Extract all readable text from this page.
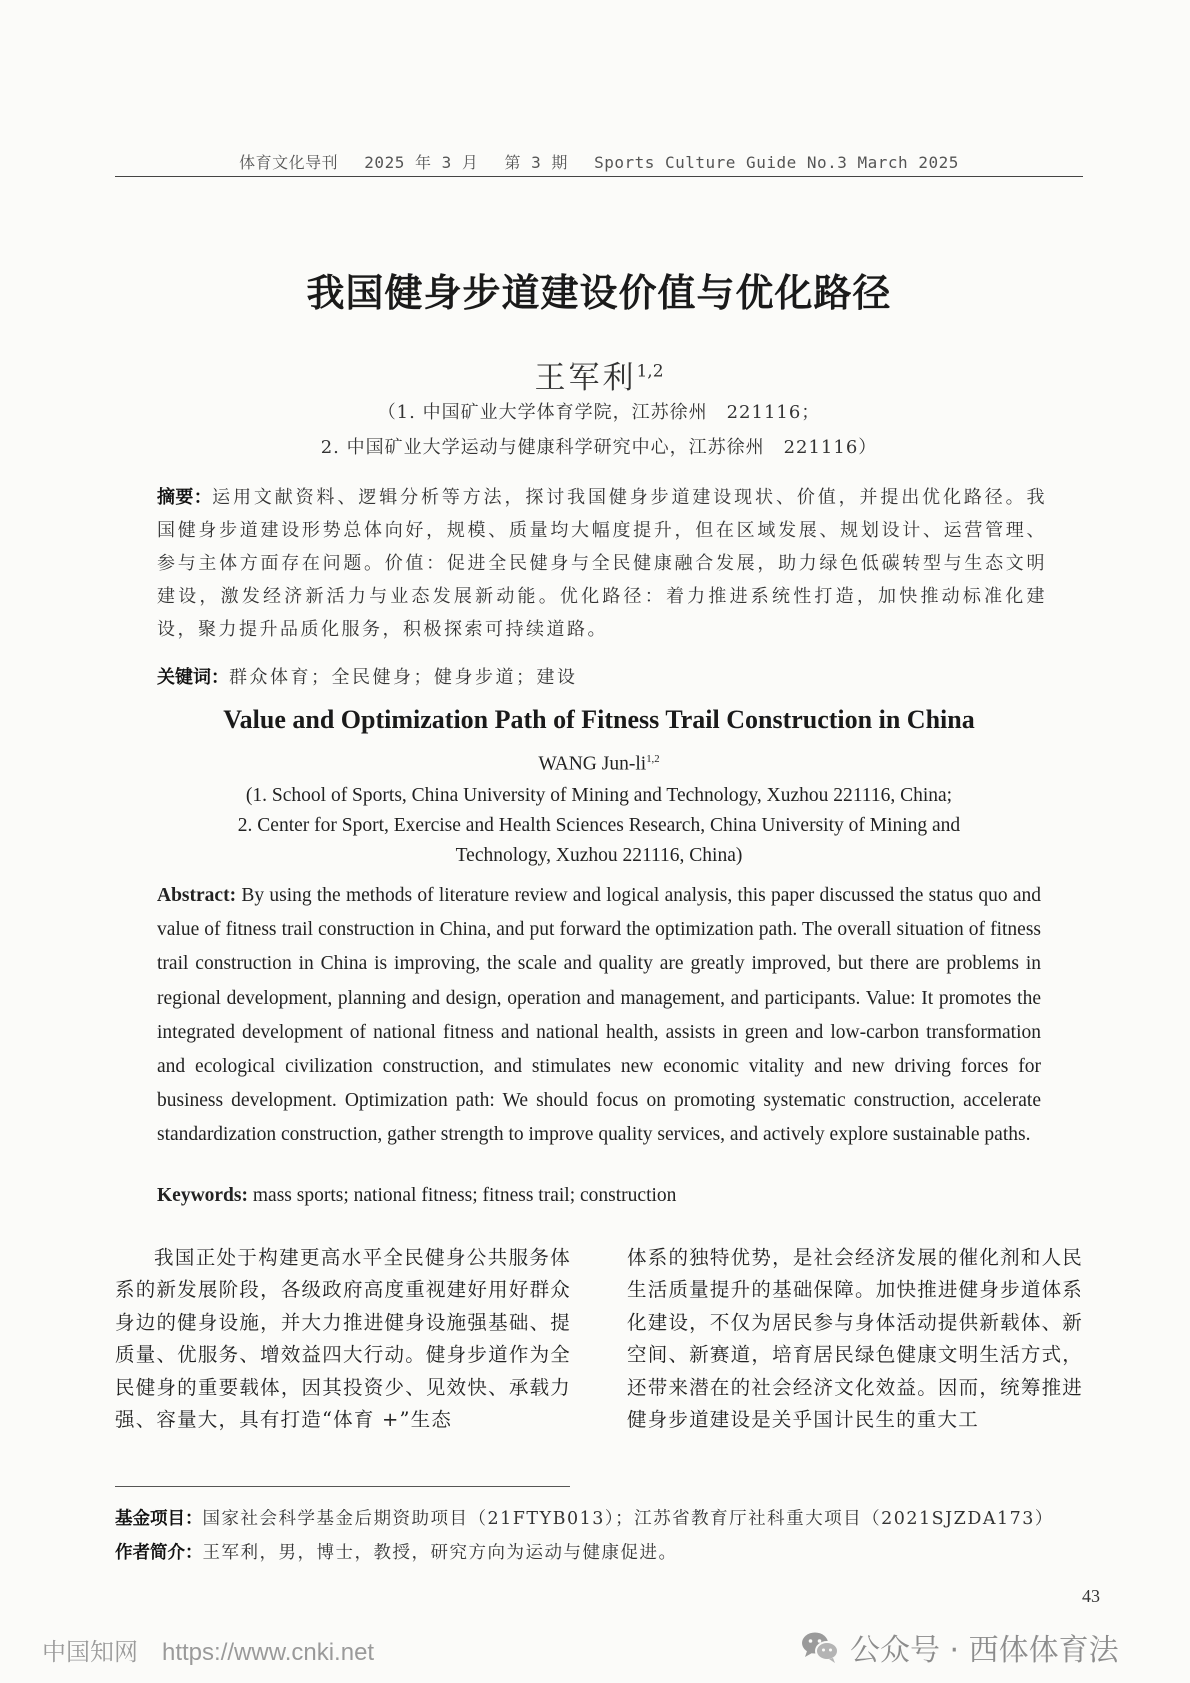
体育文化导刊 2025 年 3 月 第 3 期 Sports Culture Guide No.3 March 2025
我国健身步道建设价值与优化路径
王军利$^{1,2}$
（1. 中国矿业大学体育学院，江苏徐州　221116；
2. 中国矿业大学运动与健康科学研究中心，江苏徐州　221116）
摘要：运用文献资料、逻辑分析等方法，探讨我国健身步道建设现状、价值，并提出优化路径。我国健身步道建设形势总体向好，规模、质量均大幅度提升，但在区域发展、规划设计、运营管理、参与主体方面存在问题。价值：促进全民健身与全民健康融合发展，助力绿色低碳转型与生态文明建设，激发经济新活力与业态发展新动能。优化路径：着力推进系统性打造，加快推动标准化建设，聚力提升品质化服务，积极探索可持续道路。
关键词：群众体育；全民健身；健身步道；建设
Value and Optimization Path of Fitness Trail Construction in China
WANG Jun-li$^{1,2}$
(1. School of Sports, China University of Mining and Technology, Xuzhou 221116, China;
2. Center for Sport, Exercise and Health Sciences Research, China University of Mining and
Technology, Xuzhou 221116, China)
Abstract: By using the methods of literature review and logical analysis, this paper discussed the status quo and value of fitness trail construction in China, and put forward the optimization path. The overall situation of fitness trail construction in China is improving, the scale and quality are greatly improved, but there are problems in regional development, planning and design, operation and management, and participants. Value: It promotes the integrated development of national fitness and national health, assists in green and low-carbon transformation and ecological civilization construction, and stimulates new economic vitality and new driving forces for business development. Optimization path: We should focus on promoting systematic construction, accelerate standardization construction, gather strength to improve quality services, and actively explore sustainable paths.
Keywords: mass sports; national fitness; fitness trail; construction

我国正处于构建更高水平全民健身公共服务体系的新发展阶段，各级政府高度重视建好用好群众身边的健身设施，并大力推进健身设施强基础、提质量、优服务、增效益四大行动。健身步道作为全民健身的重要载体，因其投资少、见效快、承载力强、容量大，具有打造“体育 +”生态

体系的独特优势，是社会经济发展的催化剂和人民生活质量提升的基础保障。加快推进健身步道体系化建设，不仅为居民参与身体活动提供新载体、新空间、新赛道，培育居民绿色健康文明生活方式，还带来潜在的社会经济文化效益。因而，统筹推进健身步道建设是关乎国计民生的重大工

基金项目：国家社会科学基金后期资助项目（21FTYB013）；江苏省教育厅社科重大项目（2021SJZDA173）
作者简介：王军利，男，博士，教授，研究方向为运动与健康促进。
43
中国知网 https://www.cnki.net	公众号 · 西体体育法
